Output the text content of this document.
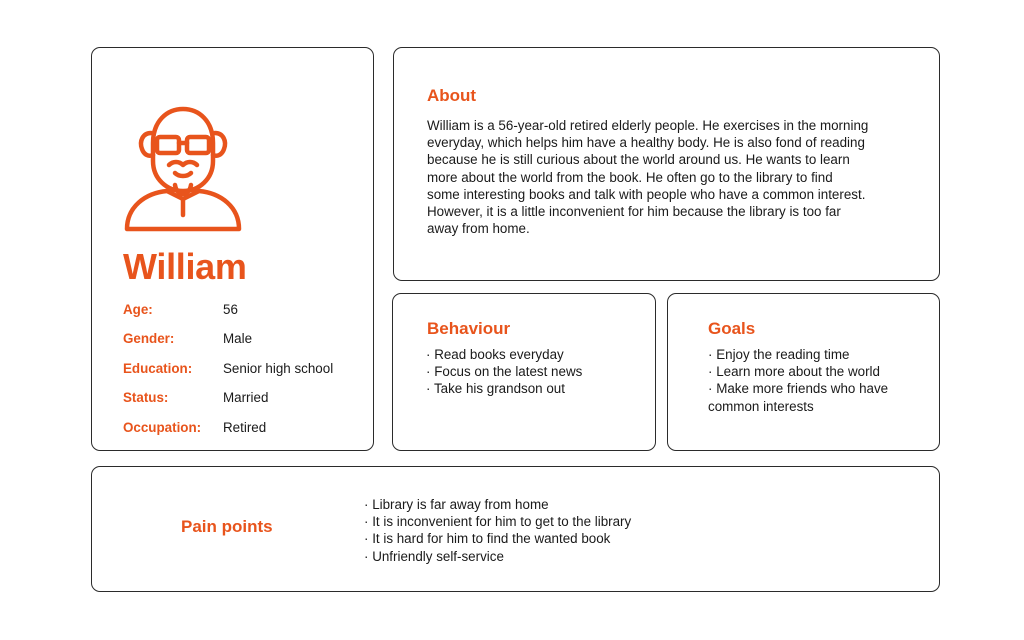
William
Age:	56
Gender:	Male
Education: Senior high school
Status:	Married
Occupation: Retired
About
William is a 56-year-old retired elderly people. He exercises in the morning
everyday, which helps him have a healthy body. He is also fond of reading
because he is still curious about the world around us. He wants to learn
more about the world from the book. He often go to the library to find
some interesting books and talk with people who have a common interest.
However, it is a little inconvenient for him because the library is too far
away from home.
Behaviour
· Read books everyday
· Focus on the latest news
· Take his grandson out
Goals
· Enjoy the reading time
· Learn more about the world
· Make more friends who have
common interests
Pain points
· Library is far away from home
· It is inconvenient for him to get to the library
· It is hard for him to find the wanted book
· Unfriendly self-service
